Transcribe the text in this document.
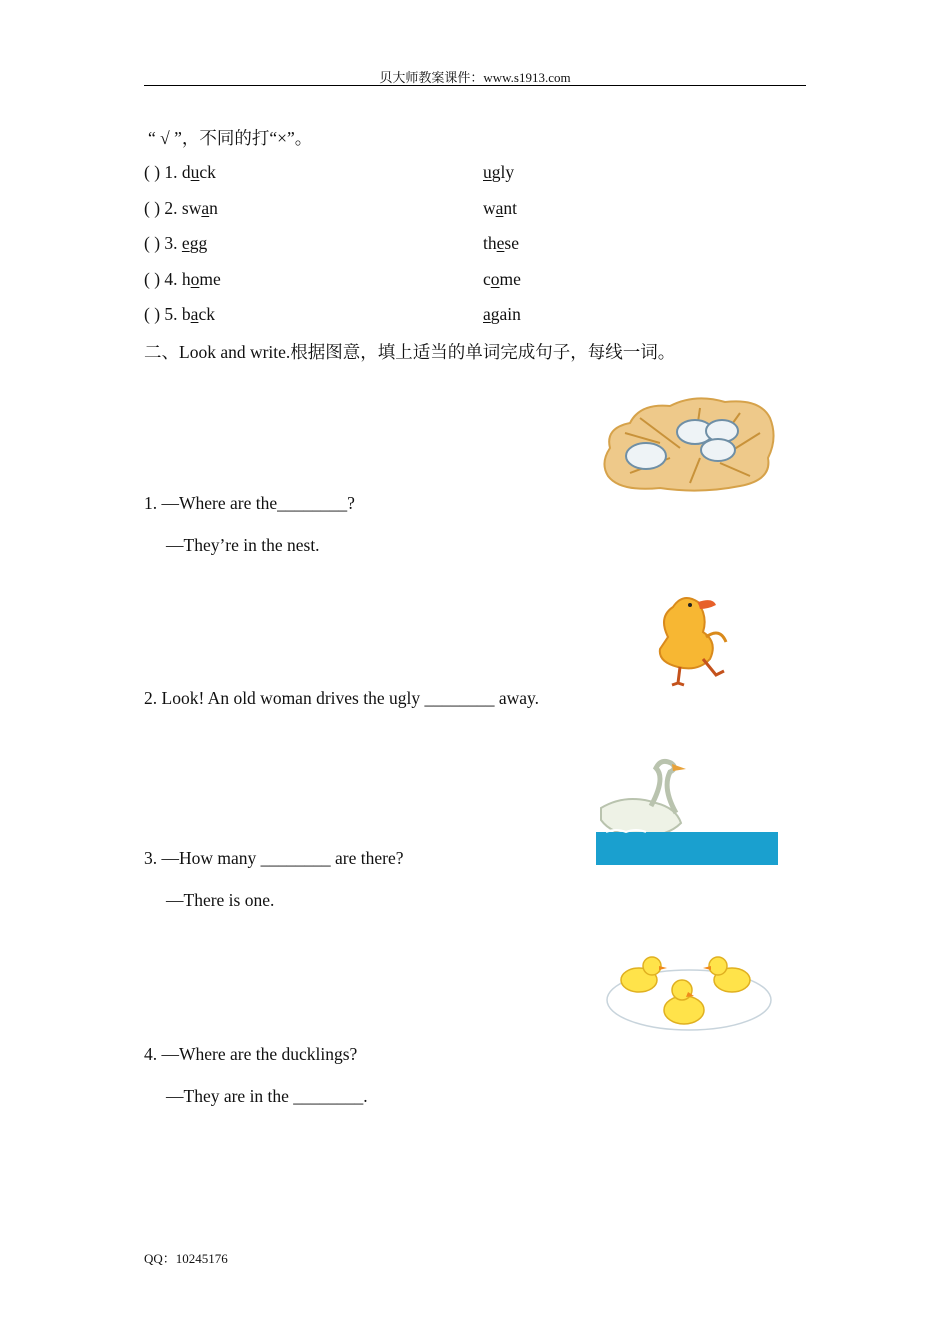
贝大师教案课件：www.s1913.com
“ √ ”，不同的打“×”。
( ) 1. duck	ugly
( ) 2. swan	want
( ) 3. egg	these
( ) 4. home	come
( ) 5. back	again
二、Look and write.根据图意，填上适当的单词完成句子，每线一词。
1. —Where are the________?
—They’re in the nest.
2. Look! An old woman drives the ugly ________ away.
3. —How many ________ are there?
—There is one.
4. —Where are the ducklings?
—They are in the ________.
QQ：10245176
